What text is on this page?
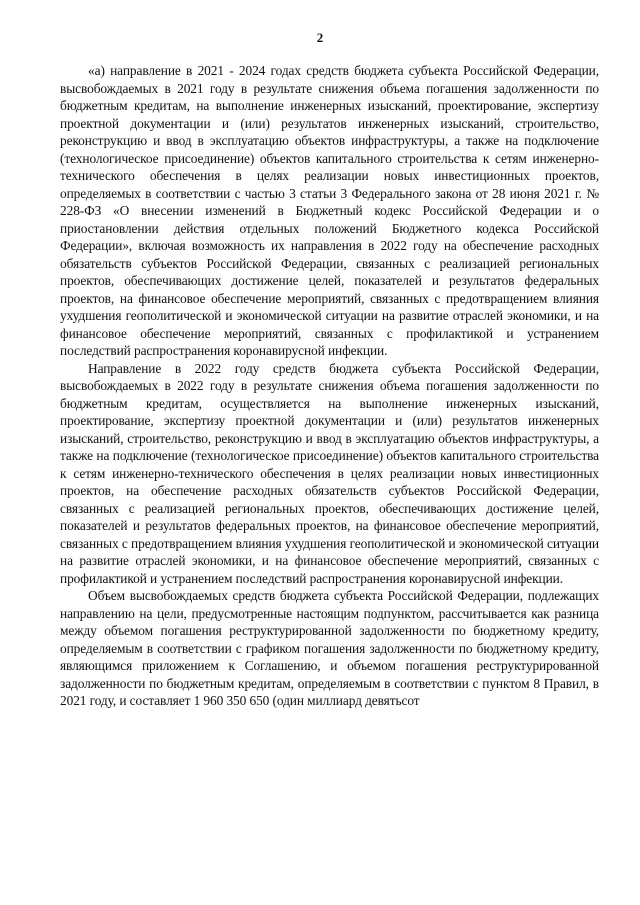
2

«а) направление в 2021 - 2024 годах средств бюджета субъекта Российской Федерации, высвобождаемых в 2021 году в результате снижения объема погашения задолженности по бюджетным кредитам, на выполнение инженерных изысканий, проектирование, экспертизу проектной документации и (или) результатов инженерных изысканий, строительство, реконструкцию и ввод в эксплуатацию объектов инфраструктуры, а также на подключение (технологическое присоединение) объектов капитального строительства к сетям инженерно-технического обеспечения в целях реализации новых инвестиционных проектов, определяемых в соответствии с частью 3 статьи 3 Федерального закона от 28 июня 2021 г. № 228-ФЗ «О внесении изменений в Бюджетный кодекс Российской Федерации и о приостановлении действия отдельных положений Бюджетного кодекса Российской Федерации», включая возможность их направления в 2022 году на обеспечение расходных обязательств субъектов Российской Федерации, связанных с реализацией региональных проектов, обеспечивающих достижение целей, показателей и результатов федеральных проектов, на финансовое обеспечение мероприятий, связанных с предотвращением влияния ухудшения геополитической и экономической ситуации на развитие отраслей экономики, и на финансовое обеспечение мероприятий, связанных с профилактикой и устранением последствий распространения коронавирусной инфекции.

Направление в 2022 году средств бюджета субъекта Российской Федерации, высвобождаемых в 2022 году в результате снижения объема погашения задолженности по бюджетным кредитам, осуществляется на выполнение инженерных изысканий, проектирование, экспертизу проектной документации и (или) результатов инженерных изысканий, строительство, реконструкцию и ввод в эксплуатацию объектов инфраструктуры, а также на подключение (технологическое присоединение) объектов капитального строительства к сетям инженерно-технического обеспечения в целях реализации новых инвестиционных проектов, на обеспечение расходных обязательств субъектов Российской Федерации, связанных с реализацией региональных проектов, обеспечивающих достижение целей, показателей и результатов федеральных проектов, на финансовое обеспечение мероприятий, связанных с предотвращением влияния ухудшения геополитической и экономической ситуации на развитие отраслей экономики, и на финансовое обеспечение мероприятий, связанных с профилактикой и устранением последствий распространения коронавирусной инфекции.

Объем высвобождаемых средств бюджета субъекта Российской Федерации, подлежащих направлению на цели, предусмотренные настоящим подпунктом, рассчитывается как разница между объемом погашения реструктурированной задолженности по бюджетному кредиту, определяемым в соответствии с графиком погашения задолженности по бюджетному кредиту, являющимся приложением к Соглашению, и объемом погашения реструктурированной задолженности по бюджетным кредитам, определяемым в соответствии с пунктом 8 Правил, в 2021 году, и составляет 1 960 350 650 (один миллиард девятьсот
